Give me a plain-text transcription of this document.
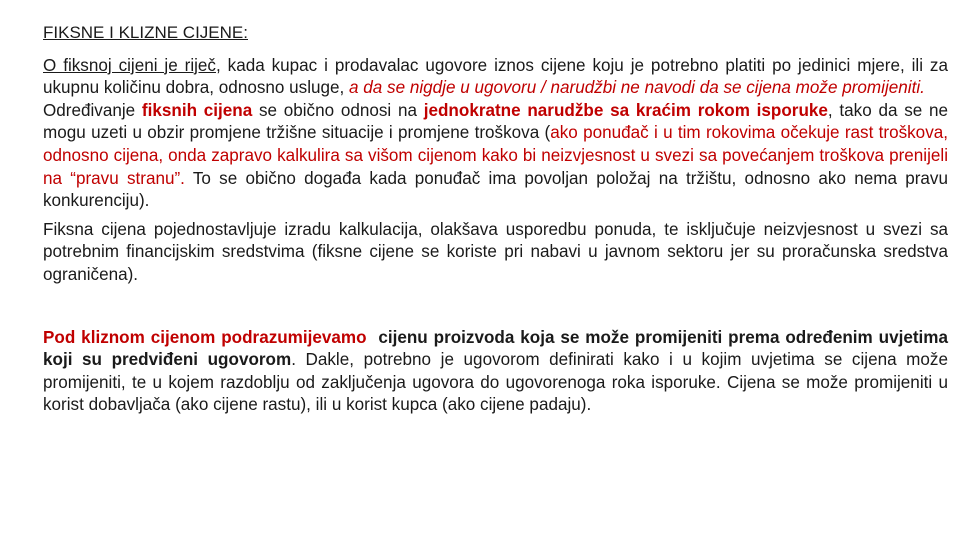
FIKSNE I KLIZNE CIJENE:

O fiksnoj cijeni je riječ, kada kupac i prodavalac ugovore iznos cijene koju je potrebno platiti po jedinici mjere, ili za ukupnu količinu dobra, odnosno usluge, a da se nigdje u ugovoru / narudžbi ne navodi da se cijena može promijeniti.

Određivanje fiksnih cijena se obično odnosi na jednokratne narudžbe sa kraćim rokom isporuke, tako da se ne mogu uzeti u obzir promjene tržišne situacije i promjene troškova (ako ponuđač i u tim rokovima očekuje rast troškova, odnosno cijena, onda zapravo kalkulira sa višom cijenom kako bi neizvjesnost u svezi sa povećanjem troškova prenijeli na “pravu stranu”. To se obično događa kada ponuđač ima povoljan položaj na tržištu, odnosno ako nema pravu konkurenciju).

Fiksna cijena pojednostavljuje izradu kalkulacija, olakšava usporedbu ponuda, te isključuje neizvjesnost u svezi sa potrebnim financijskim sredstvima (fiksne cijene se koriste pri nabavi u javnom sektoru jer su proračunska sredstva ograničena).

Pod kliznom cijenom podrazumijevamo  cijenu proizvoda koja se može promijeniti prema određenim uvjetima koji su predviđeni ugovorom. Dakle, potrebno je ugovorom definirati kako i u kojim uvjetima se cijena može promijeniti, te u kojem razdoblju od zaključenja ugovora do ugovorenoga roka isporuke. Cijena se može promijeniti u korist dobavljača (ako cijene rastu), ili u korist kupca (ako cijene padaju).
